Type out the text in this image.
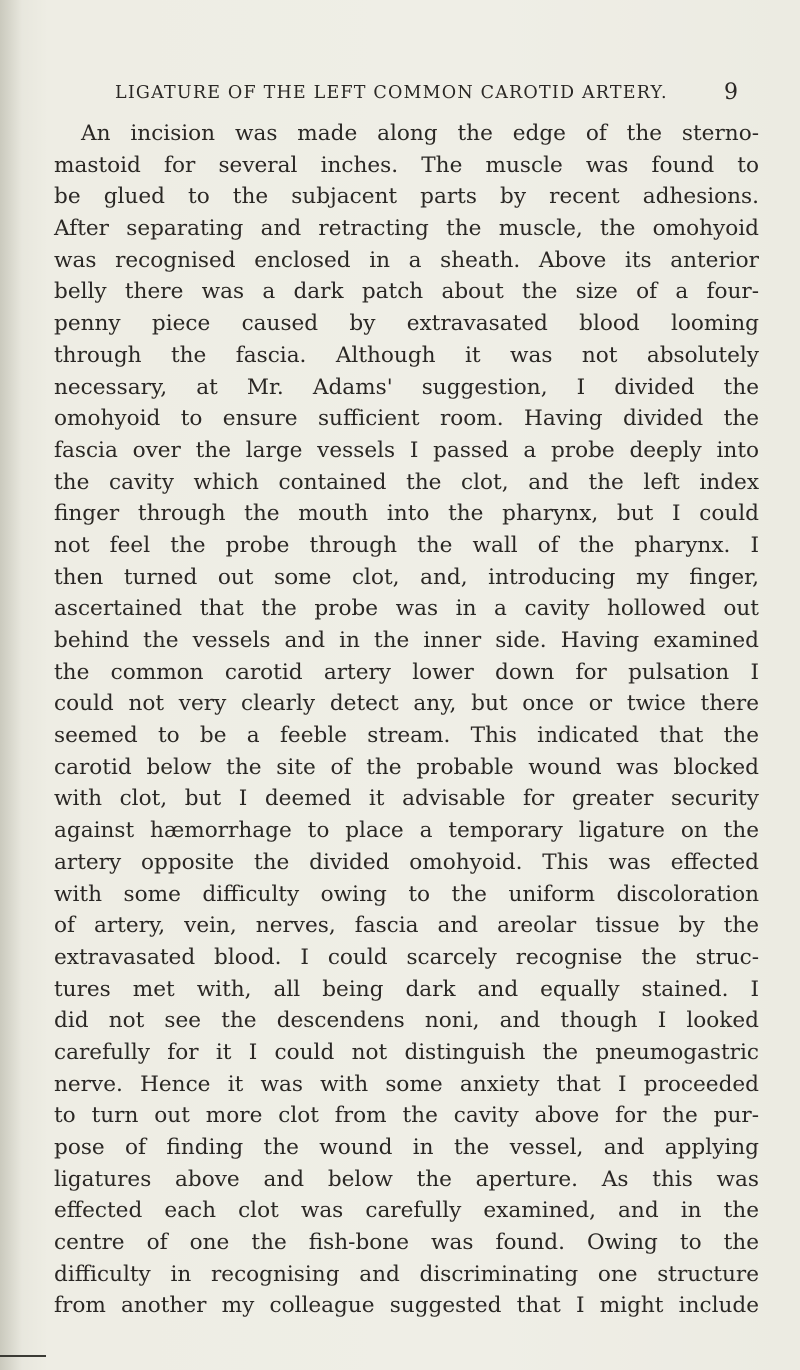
LIGATURE OF THE LEFT COMMON CAROTID ARTERY.	9
An incision was made along the edge of the sterno-
mastoid for several inches. The muscle was found to
be glued to the subjacent parts by recent adhesions.
After separating and retracting the muscle, the omohyoid
was recognised enclosed in a sheath. Above its anterior
belly there was a dark patch about the size of a four-
penny piece caused by extravasated blood looming
through the fascia. Although it was not absolutely
necessary, at Mr. Adams' suggestion, I divided the
omohyoid to ensure sufficient room. Having divided the
fascia over the large vessels I passed a probe deeply into
the cavity which contained the clot, and the left index
finger through the mouth into the pharynx, but I could
not feel the probe through the wall of the pharynx. I
then turned out some clot, and, introducing my finger,
ascertained that the probe was in a cavity hollowed out
behind the vessels and in the inner side. Having examined
the common carotid artery lower down for pulsation I
could not very clearly detect any, but once or twice there
seemed to be a feeble stream. This indicated that the
carotid below the site of the probable wound was blocked
with clot, but I deemed it advisable for greater security
against hæmorrhage to place a temporary ligature on the
artery opposite the divided omohyoid. This was effected
with some difficulty owing to the uniform discoloration
of artery, vein, nerves, fascia and areolar tissue by the
extravasated blood. I could scarcely recognise the struc-
tures met with, all being dark and equally stained. I
did not see the descendens noni, and though I looked
carefully for it I could not distinguish the pneumogastric
nerve. Hence it was with some anxiety that I proceeded
to turn out more clot from the cavity above for the pur-
pose of finding the wound in the vessel, and applying
ligatures above and below the aperture. As this was
effected each clot was carefully examined, and in the
centre of one the fish-bone was found. Owing to the
difficulty in recognising and discriminating one structure
from another my colleague suggested that I might include
